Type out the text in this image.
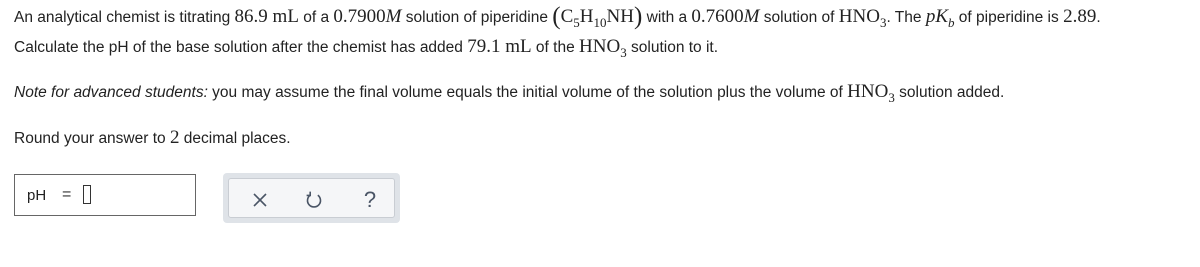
An analytical chemist is titrating 86.9 mL of a 0.7900M solution of piperidine $(C_5H_{10}NH)$ with a 0.7600M solution of $HNO_3$. The $pK_b$ of piperidine is 2.89.
Calculate the pH of the base solution after the chemist has added 79.1 mL of the $HNO_3$ solution to it.
Note for advanced students: you may assume the final volume equals the initial volume of the solution plus the volume of $HNO_3$ solution added.
Round your answer to 2 decimal places.
pH =	?
